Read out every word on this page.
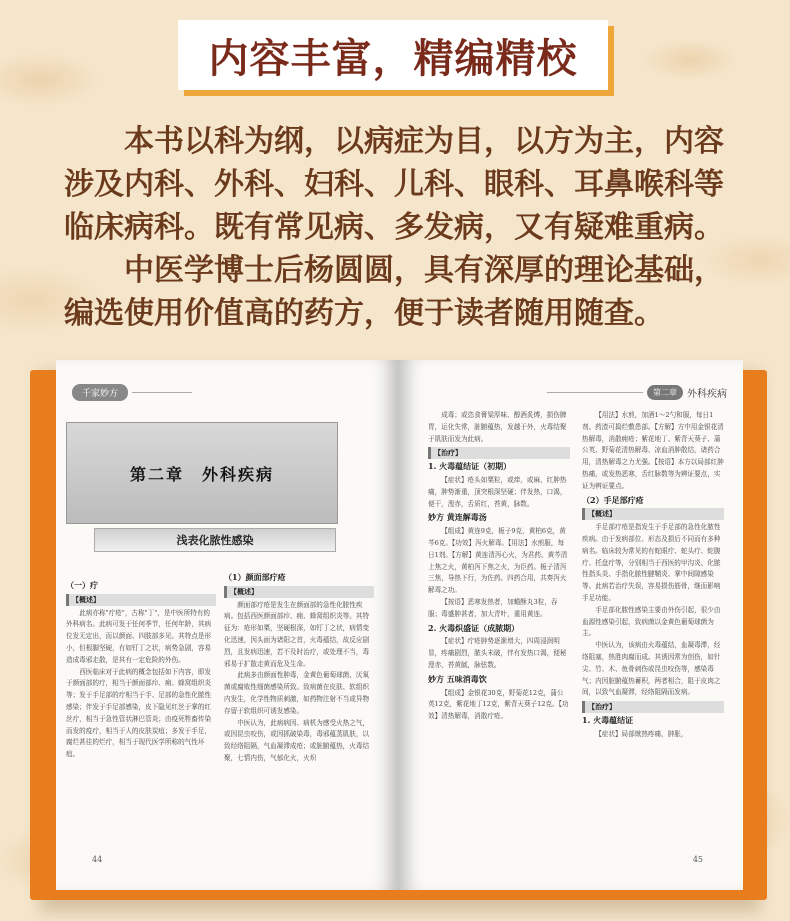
内容丰富，精编精校

本书以科为纲，以病症为目，以方为主，内容涉及内科、外科、妇科、儿科、眼科、耳鼻喉科等临床病科。既有常见病、多发病，又有疑难重病。

中医学博士后杨圆圆，具有深厚的理论基础，编选使用价值高的药方，便于读者随用随查。

千家妙方
（一）疔
【概述】

此病亦称"疔疮"，古称"丁"，是中医所特有的外科病名。此病可发于任何季节，任何年龄，其病位发无定出，而以颜面、四肢部多见。其特点是形小，但根脚坚硬，有如钉丁之状，病势急剧，容易造成毒邪走散，是其有一定危险的外伤。

西医临床对于此病的概念包括如下内容，即发于颜面部的疔，相当于颜面部疖、痈、蜂窝组织炎等；发于手足部的疔相当于手、足部的急性化脓性感染；伴发于手足部感染，皮下隐见红丝于掌的红丝疔，相当于急性管状淋巴管炎；由疫死牲畜传染而发的疫疔，相当于人的皮肤炭疽；多发于手足，腐烂甚往的烂疔，相当于现代医学所称的气性坏疽。

（1）颜面部疔疮
【概述】

颜面部疔疮是发生在颜面部的急性化脓性疾病。包括西医颜面部疖、痈、蜂窝组织炎等。其特征为：疮形如粟，坚硬根深，如钉丁之状，病情变化迅速，因头面为诸阳之首，火毒蕴结，故反应剧烈，且发病迅速，若不及时治疗，或处理不当，毒邪易于扩散走黄而危及生命。

此病多由颜面性肿毒，金黄色葡萄球菌、厌氧菌或腐败性细菌感染所致。致病菌在皮肤、软组织内发生，化学性物质刺激，如药物注射不当或异物存留于软组织可诱发感染。

中医认为，此病病因、病机为感受火热之气，或因昆虫咬伤，或因抓破染毒，毒邪蕴蒸肌肤，以致经络阻隔，气血凝滞成疮；或脏腑蕴热，火毒结聚，七情内伤，气郁化火，火炽

44
第二章　外科疾病
浅表化脓性感染
第二章	外科疾病

成毒；或恣食膏粱厚味、醇酒炙煿，损伤脾胃，运化失常，脏腑蕴热，发越于外，火毒结聚于肌肤而发为此病。

【治疗】
1. 火毒蕴结证（初期）

【症状】疮头如粟粒，或痒，或麻，红肿热痛，肿势渐重，顶突根深坚硬；伴发热，口渴，便干，溲赤，舌质红，苔黄，脉数。

妙方 黄连解毒汤

【组成】黄连9克，栀子9克，黄柏6克，黄芩6克。【功效】泻火解毒。【用法】水煎服，每日1剂。【方解】黄连清泻心火，为君药。黄芩清上焦之火，黄柏泻下焦之火，为臣药。栀子清泻三焦，导热下行，为佐药。四药合用，共奏泻火解毒之功。

【按语】恶寒发热者，加蟾酥丸3粒，吞服；毒盛肿甚者，加大青叶，重用黄连。

2. 火毒炽盛证（成脓期）

【症状】疔疮肿势逐渐增大，四周浸润明显，疼痛剧烈，脓头未破，伴有发热口渴，便秘溲赤，苔黄腻，脉弦数。

妙方 五味消毒饮

【组成】金银花30克，野菊花12克，蒲公英12克，紫花地丁12克，紫背天葵子12克。【功效】清热解毒，消散疔疮。

【用法】水煎，加酒1～2勺和服，每日1剂。药渣可捣烂敷患部。【方解】方中用金银花清热解毒，消散痈疮；紫花地丁、紫背天葵子、蒲公英、野菊花清热解毒、凉血消肿散结，诸药合用，清热解毒之力尤强。【按语】本方以局部红肿热痛，或发热恶寒，舌红脉数等为辨证要点，实证为辨证要点。

（2）手足部疔疮
【概述】

手足部疔疮是指发生于手足部的急性化脓性疾病。由于发病部位、形态及损后不同而有多种病名。临床较为常见的有蛇眼疔、蛇头疔、蛇腹疔、托盘疔等，分别相当于西医的甲沟炎、化脓性指头炎、手指化脓性腱鞘炎、掌中间隙感染等。此病若治疗失误，容易损伤筋骨，继而影响手足功能。

手足部化脓性感染主要由外伤引起，很少由血源性感染引起，致病菌以金黄色葡萄球菌为主。

中医认为，该病由火毒蕴结，血凝毒滞，经络阻塞，热胜肉腐而成。其诱因常为创伤，如针尖、竹、木、鱼骨刺伤或昆虫咬伤等，感染毒气；内因脏腑蕴热蓄积，两者相合，阻于皮肉之间，以致气血凝滞，经络阻隔而发病。

【治疗】
1. 火毒蕴结证

【症状】局部焮热疼痛，肿胀，

45
